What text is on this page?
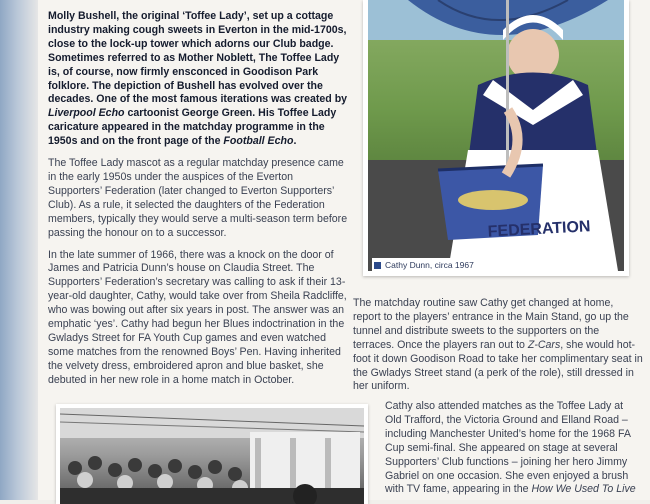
Molly Bushell, the original ‘Toffee Lady’, set up a cottage industry making cough sweets in Everton in the mid-1700s, close to the lock-up tower which adorns our Club badge. Sometimes referred to as Mother Noblett, The Toffee Lady is, of course, now firmly ensconced in Goodison Park folklore. The depiction of Bushell has evolved over the decades. One of the most famous iterations was created by Liverpool Echo cartoonist George Green. His Toffee Lady caricature appeared in the matchday programme in the 1950s and on the front page of the Football Echo.

The Toffee Lady mascot as a regular matchday presence came in the early 1950s under the auspices of the Everton Supporters’ Federation (later changed to Everton Supporters’ Club). As a rule, it selected the daughters of the Federation members, typically they would serve a multi-season term before passing the honour on to a successor.

In the late summer of 1966, there was a knock on the door of James and Patricia Dunn’s house on Claudia Street. The Supporters’ Federation’s secretary was calling to ask if their 13-year-old daughter, Cathy, would take over from Sheila Radcliffe, who was bowing out after six years in post. The answer was an emphatic ‘yes’. Cathy had begun her Blues indoctrination in the Gwladys Street for FA Youth Cup games and even watched some matches from the renowned Boys’ Pen. Having inherited the velvety dress, embroidered apron and blue basket, she debuted in her new role in a home match in October.

FEDERATION
Cathy Dunn, circa 1967

The matchday routine saw Cathy get changed at home, report to the players’ entrance in the Main Stand, go up the tunnel and distribute sweets to the supporters on the terraces. Once the players ran out to Z-Cars, she would hot-foot it down Goodison Road to take her complimentary seat in the Gwladys Street stand (a perk of the role), still dressed in her uniform.

Cathy also attended matches as the Toffee Lady at Old Trafford, the Victoria Ground and Elland Road – including Manchester United’s home for the 1968 FA Cup semi-final. She appeared on stage at several Supporters’ Club functions – joining her hero Jimmy Gabriel on one occasion. She even enjoyed a brush with TV fame, appearing in the How We Used To Live
